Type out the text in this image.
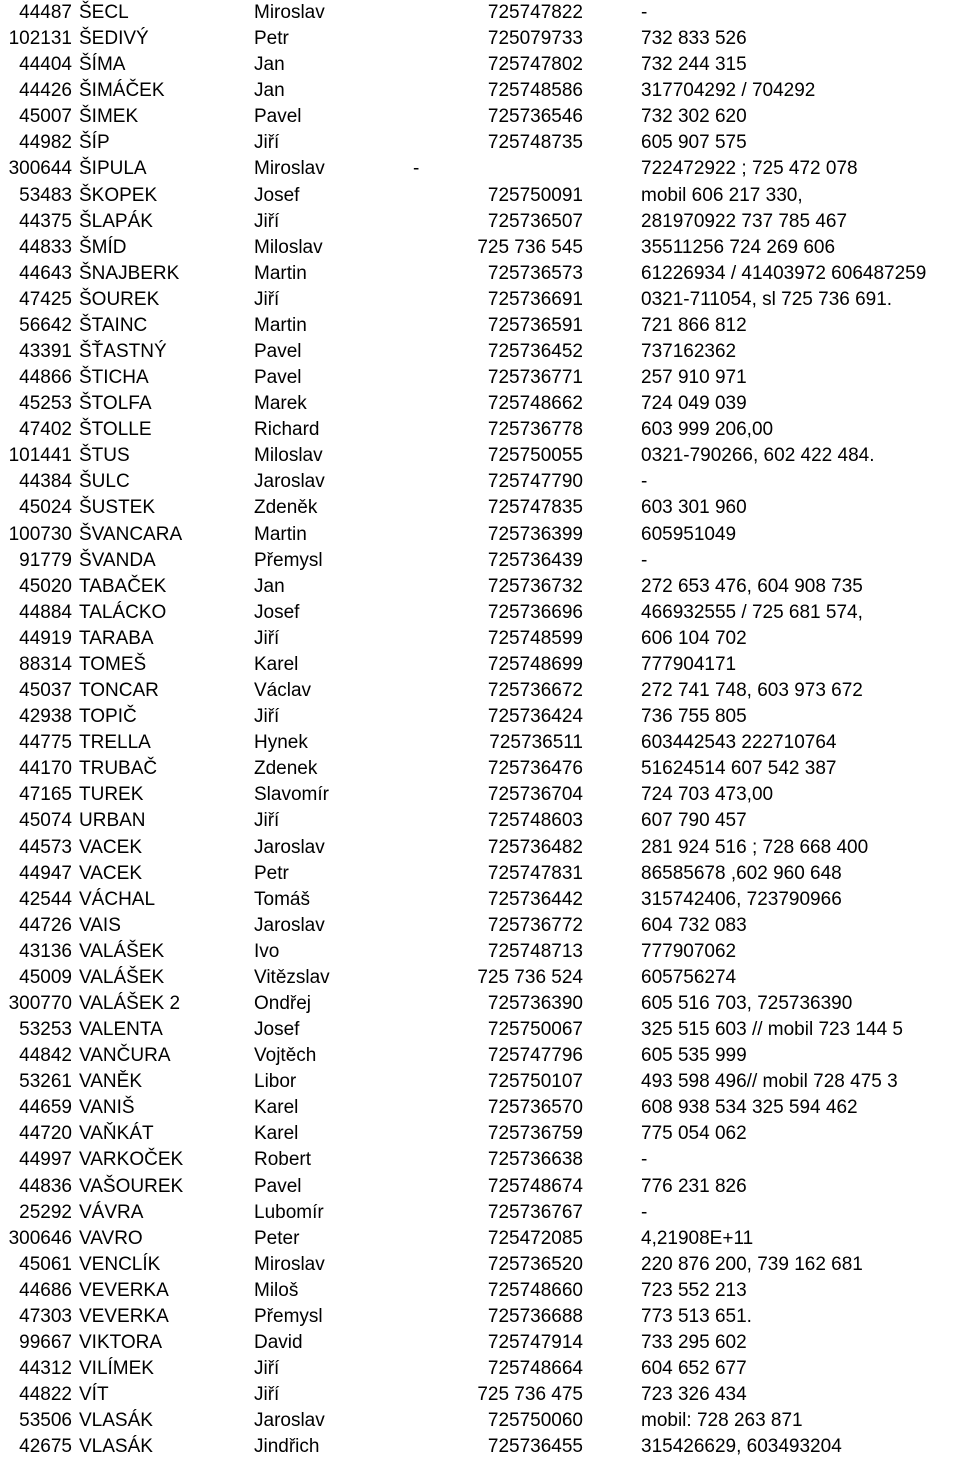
44487 ŠECL	Miroslav	725747822	-
102131 ŠEDIVÝ	Petr	725079733	732 833 526
44404 ŠÍMA	Jan	725747802	732 244 315
44426 ŠIMÁČEK	Jan	725748586	317704292 / 704292
45007 ŠIMEK	Pavel	725736546	732 302 620
44982 ŠÍP	Jiří	725748735	605 907 575
300644 ŠIPULA	Miroslav	-	722472922 ; 725 472 078
53483 ŠKOPEK	Josef	725750091	mobil 606 217 330,
44375 ŠLAPÁK	Jiří	725736507	281970922 737 785 467
44833 ŠMÍD	Miloslav	725 736 545	35511256 724 269 606
44643 ŠNAJBERK	Martin	725736573	61226934 / 41403972 606487259
47425 ŠOUREK	Jiří	725736691	0321-711054, sl 725 736 691.
56642 ŠTAINC	Martin	725736591	721 866 812
43391 ŠŤASTNÝ	Pavel	725736452	737162362
44866 ŠTICHA	Pavel	725736771	257 910 971
45253 ŠTOLFA	Marek	725748662	724 049 039
47402 ŠTOLLE	Richard	725736778	603 999 206,00
101441 ŠTUS	Miloslav	725750055	0321-790266, 602 422 484.
44384 ŠULC	Jaroslav	725747790	-
45024 ŠUSTEK	Zdeněk	725747835	603 301 960
100730 ŠVANCARA	Martin	725736399	605951049
91779 ŠVANDA	Přemysl	725736439	-
45020 TABAČEK	Jan	725736732	272 653 476, 604 908 735
44884 TALÁCKO	Josef	725736696	466932555 / 725 681 574,
44919 TARABA	Jiří	725748599	606 104 702
88314 TOMEŠ	Karel	725748699	777904171
45037 TONCAR	Václav	725736672	272 741 748, 603 973 672
42938 TOPIČ	Jiří	725736424	736 755 805
44775 TRELLA	Hynek	725736511	603442543 222710764
44170 TRUBAČ	Zdenek	725736476	51624514 607 542 387
47165 TUREK	Slavomír	725736704	724 703 473,00
45074 URBAN	Jiří	725748603	607 790 457
44573 VACEK	Jaroslav	725736482	281 924 516 ; 728 668 400
44947 VACEK	Petr	725747831	86585678 ,602 960 648
42544 VÁCHAL	Tomáš	725736442	315742406, 723790966
44726 VAIS	Jaroslav	725736772	604 732 083
43136 VALÁŠEK	Ivo	725748713	777907062
45009 VALÁŠEK	Vitězslav	725 736 524	605756274
300770 VALÁŠEK 2	Ondřej	725736390	605 516 703, 725736390
53253 VALENTA	Josef	725750067	325 515 603 // mobil 723 144 5
44842 VANČURA	Vojtěch	725747796	605 535 999
53261 VANĚK	Libor	725750107	493 598 496// mobil 728 475 3
44659 VANIŠ	Karel	725736570	608 938 534 325 594 462
44720 VAŇKÁT	Karel	725736759	775 054 062
44997 VARKOČEK	Robert	725736638	-
44836 VAŠOUREK	Pavel	725748674	776 231 826
25292 VÁVRA	Lubomír	725736767	-
300646 VAVRO	Peter	725472085	4,21908E+11
45061 VENCLÍK	Miroslav	725736520	220 876 200, 739 162 681
44686 VEVERKA	Miloš	725748660	723 552 213
47303 VEVERKA	Přemysl	725736688	773 513 651.
99667 VIKTORA	David	725747914	733 295 602
44312 VILÍMEK	Jiří	725748664	604 652 677
44822 VÍT	Jiří	725 736 475	723 326 434
53506 VLASÁK	Jaroslav	725750060	mobil: 728 263 871
42675 VLASÁK	Jindřich	725736455	315426629, 603493204
